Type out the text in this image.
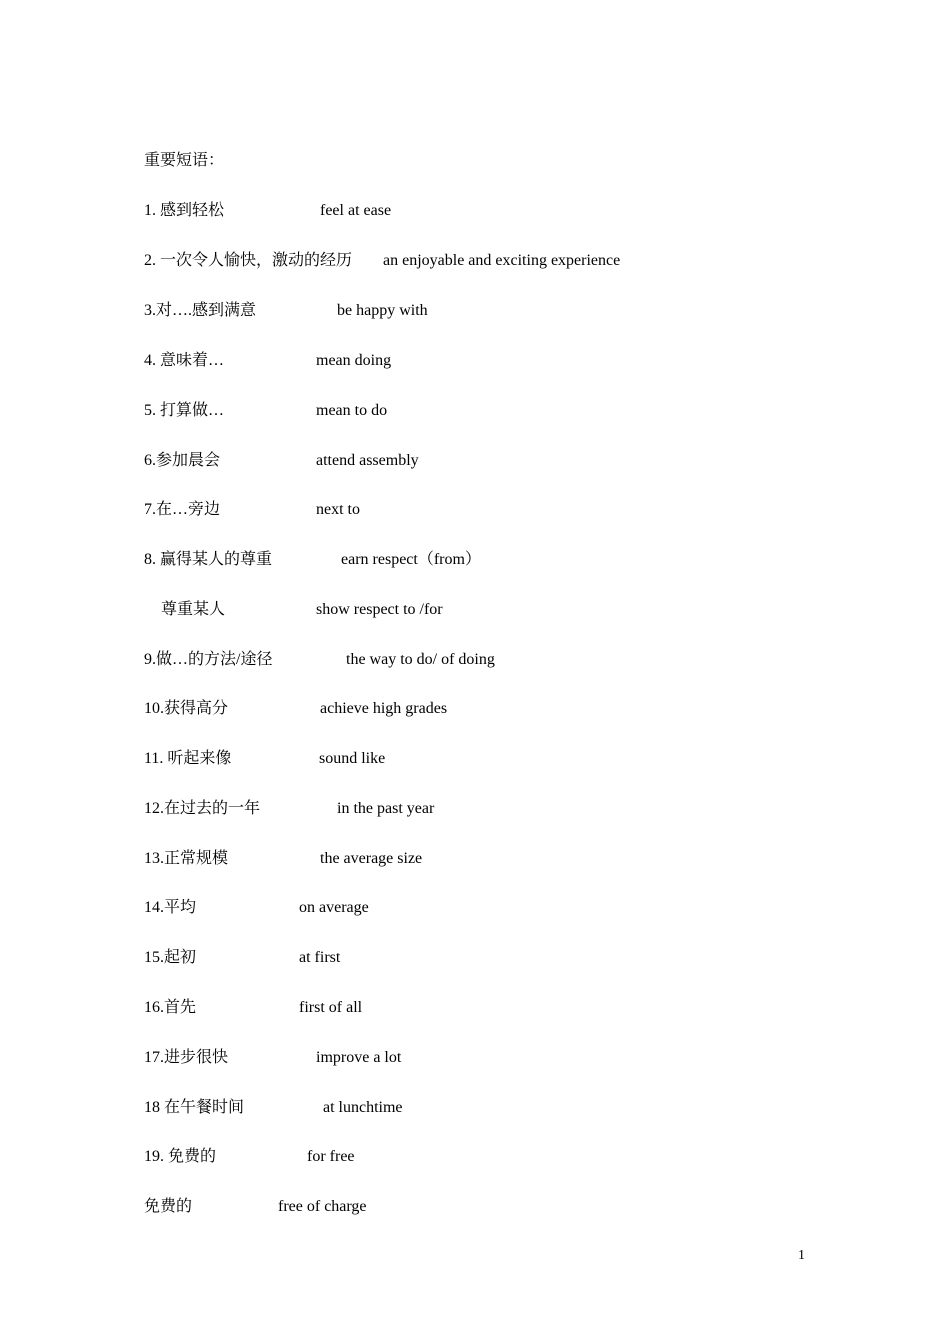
重要短语：
1. 感到轻松	feel at ease
2. 一次令人愉快，激动的经历 an enjoyable and exciting experience
3.对….感到满意	be happy with
4. 意味着…	mean doing
5. 打算做…	mean to do
6.参加晨会	attend assembly
7.在…旁边	next to
8. 赢得某人的尊重	earn respect（from）
尊重某人	show respect to /for
9.做…的方法/途径	the way to do/ of doing
10.获得高分	achieve high grades
11. 听起来像	sound like
12.在过去的一年	in the past year
13.正常规模	the average size
14.平均	on average
15.起初	at first
16.首先	first of all
17.进步很快	improve a lot
18 在午餐时间	at lunchtime
19. 免费的	for free
免费的	free of charge
1
